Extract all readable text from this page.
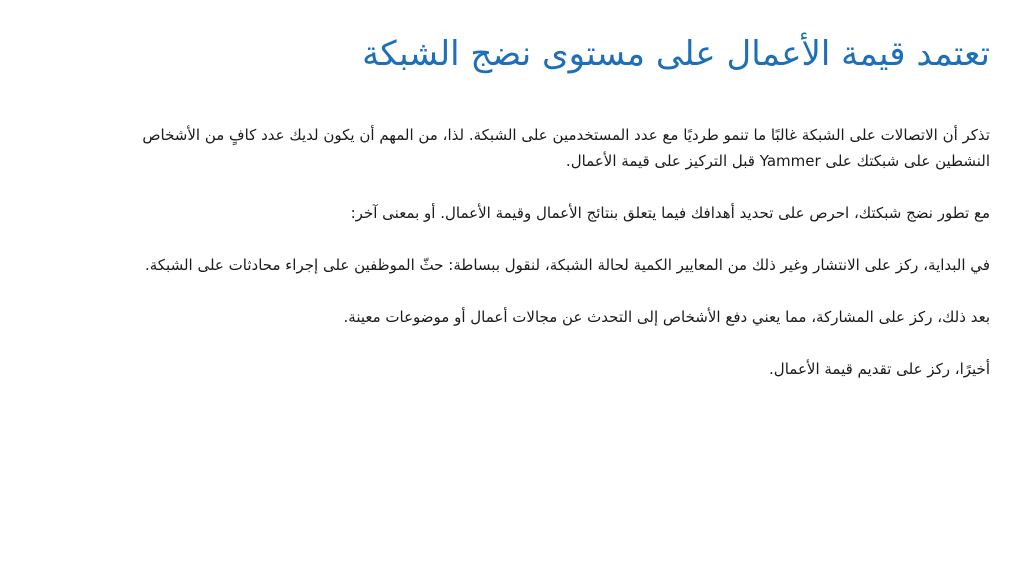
تعتمد قيمة الأعمال على مستوى نضج الشبكة

تذكر أن الاتصالات على الشبكة غالبًا ما تنمو طرديًا مع عدد المستخدمين على الشبكة. لذا، من المهم أن يكون لديك عدد كافٍ من الأشخاص النشطين على شبكتك على Yammer قبل التركيز على قيمة الأعمال.

مع تطور نضج شبكتك، احرص على تحديد أهدافك فيما يتعلق بنتائج الأعمال وقيمة الأعمال. أو بمعنى آخر:

في البداية، ركز على الانتشار وغير ذلك من المعايير الكمية لحالة الشبكة، لنقول ببساطة: حثّ الموظفين على إجراء محادثات على الشبكة.

بعد ذلك، ركز على المشاركة، مما يعني دفع الأشخاص إلى التحدث عن مجالات أعمال أو موضوعات معينة.

أخيرًا، ركز على تقديم قيمة الأعمال.
